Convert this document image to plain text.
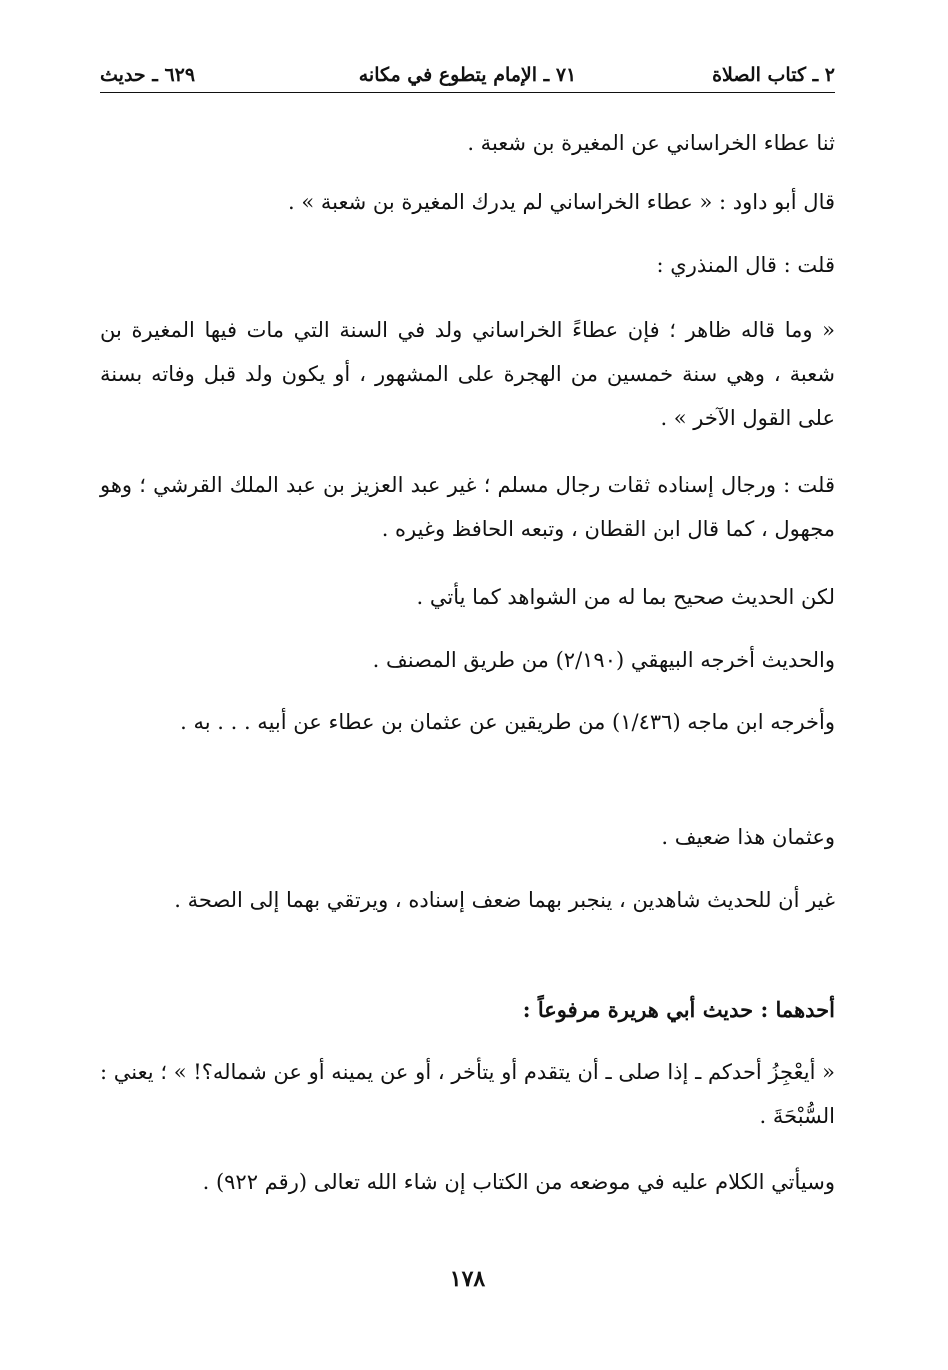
٢ ـ كتاب الصلاة
٧١ ـ الإمام يتطوع في مكانه
٦٢٩ ـ حديث

ثنا عطاء الخراساني عن المغيرة بن شعبة .

قال أبو داود : « عطاء الخراساني لم يدرك المغيرة بن شعبة » .

قلت : قال المنذري :

« وما قاله ظاهر ؛ فإن عطاءً الخراساني ولد في السنة التي مات فيها المغيرة بن شعبة ، وهي سنة خمسين من الهجرة على المشهور ، أو يكون ولد قبل وفاته بسنة على القول الآخر » .

قلت : ورجال إسناده ثقات رجال مسلم ؛ غير عبد العزيز بن عبد الملك القرشي ؛ وهو مجهول ، كما قال ابن القطان ، وتبعه الحافظ وغيره .

لكن الحديث صحيح بما له من الشواهد كما يأتي .

والحديث أخرجه البيهقي (٢/١٩٠) من طريق المصنف .

وأخرجه ابن ماجه (١/٤٣٦) من طريقين عن عثمان بن عطاء عن أبيه . . . به .

وعثمان هذا ضعيف .

غير أن للحديث شاهدين ، ينجبر بهما ضعف إسناده ، ويرتقي بهما إلى الصحة .

أحدهما : حديث أبي هريرة مرفوعاً :

« أيعْجِزُ أحدكم ـ إذا صلى ـ أن يتقدم أو يتأخر ، أو عن يمينه أو عن شماله؟! » ؛ يعني : السُّبْحَةَ .

وسيأتي الكلام عليه في موضعه من الكتاب إن شاء الله تعالى (رقم ٩٢٢) .

١٧٨
